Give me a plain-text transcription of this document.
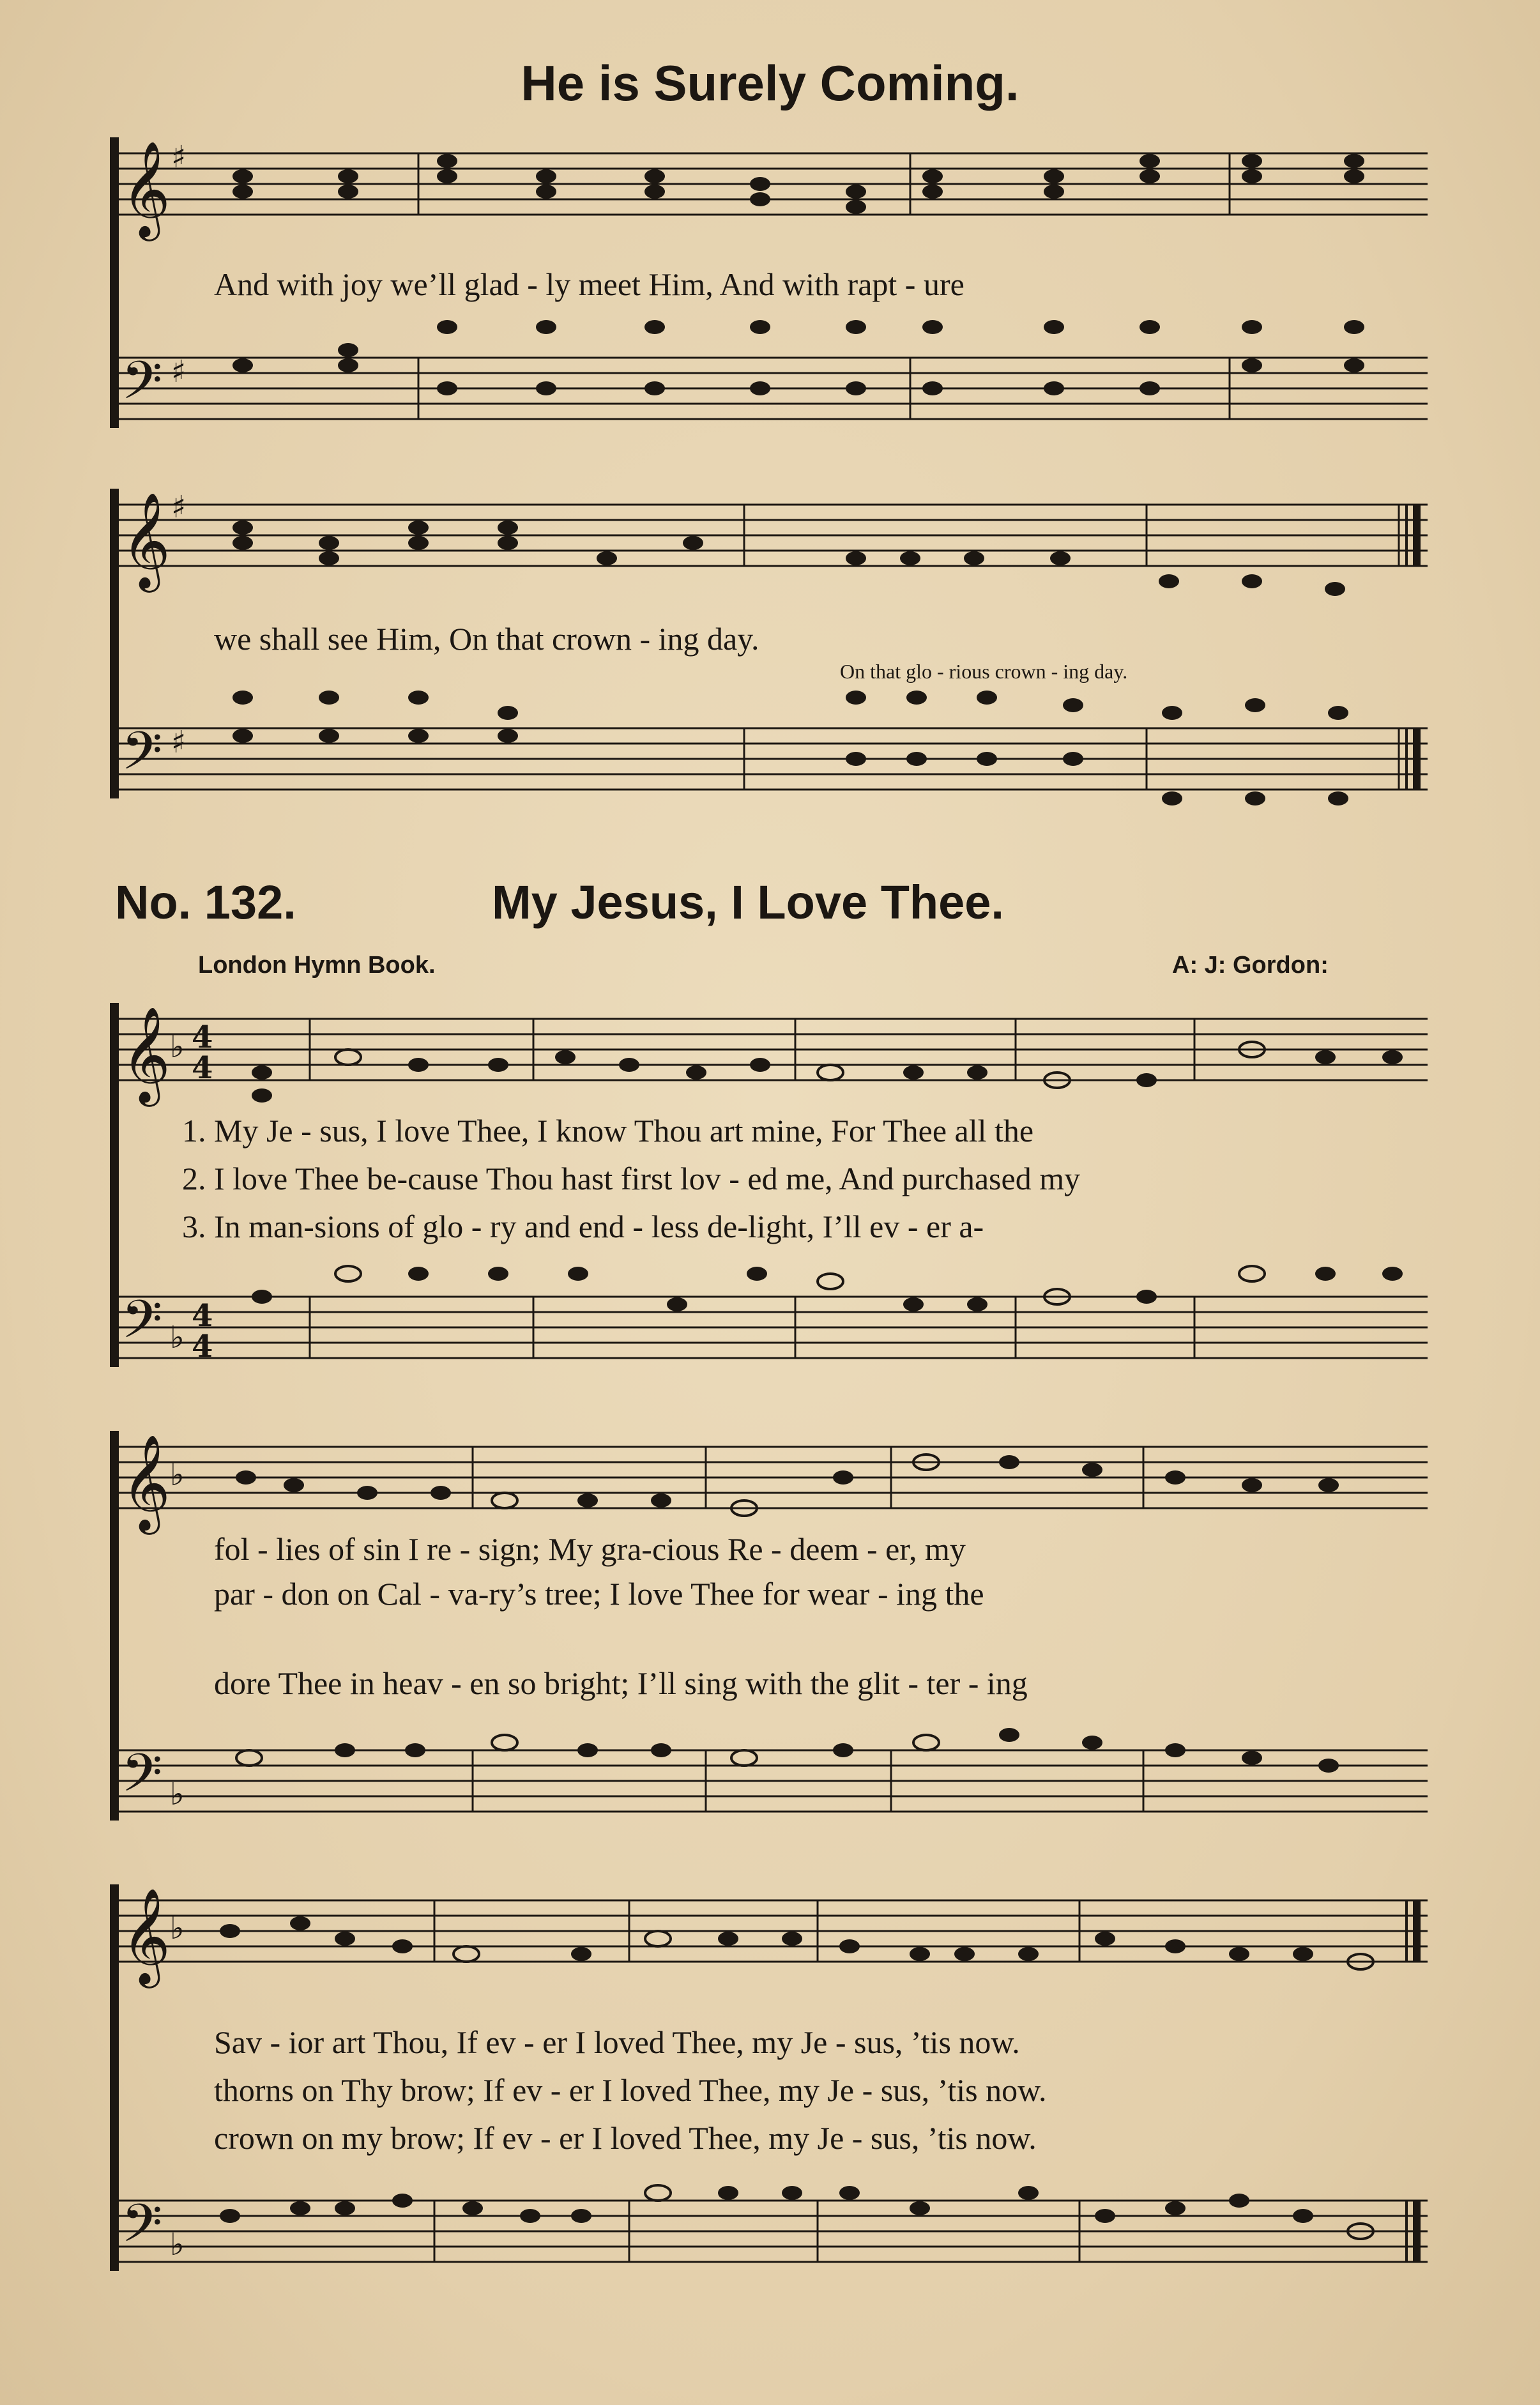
He is Surely Coming.
𝄞
𝄞
𝄞
𝄞
𝄞
𝄢
𝄢
𝄢
𝄢
𝄢
♯
♯
♯
♯
♭
♭
♭
♭
♭
♭
4
4
4
4
And with joy we’ll glad - ly meet Him, And with rapt - ure
we shall see Him, On that crown - ing day.
On that glo - rious crown - ing day.
No. 132.	My Jesus, I Love Thee.
London Hymn Book.	A: J: Gordon:
1. My Je - sus, I love Thee, I know Thou art mine, For Thee all the
2. I love Thee be-cause Thou hast first lov - ed me, And purchased my
3. In man-sions of glo - ry and end - less de-light, I’ll ev - er a-
fol - lies of sin I re - sign; My gra-cious Re - deem - er, my
par - don on Cal - va-ry’s tree; I love Thee for wear - ing the
dore Thee in heav - en so bright; I’ll sing with the glit - ter - ing
Sav - ior art Thou, If ev - er I loved Thee, my Je - sus, ’tis now.
thorns on Thy brow; If ev - er I loved Thee, my Je - sus, ’tis now.
crown on my brow; If ev - er I loved Thee, my Je - sus, ’tis now.
